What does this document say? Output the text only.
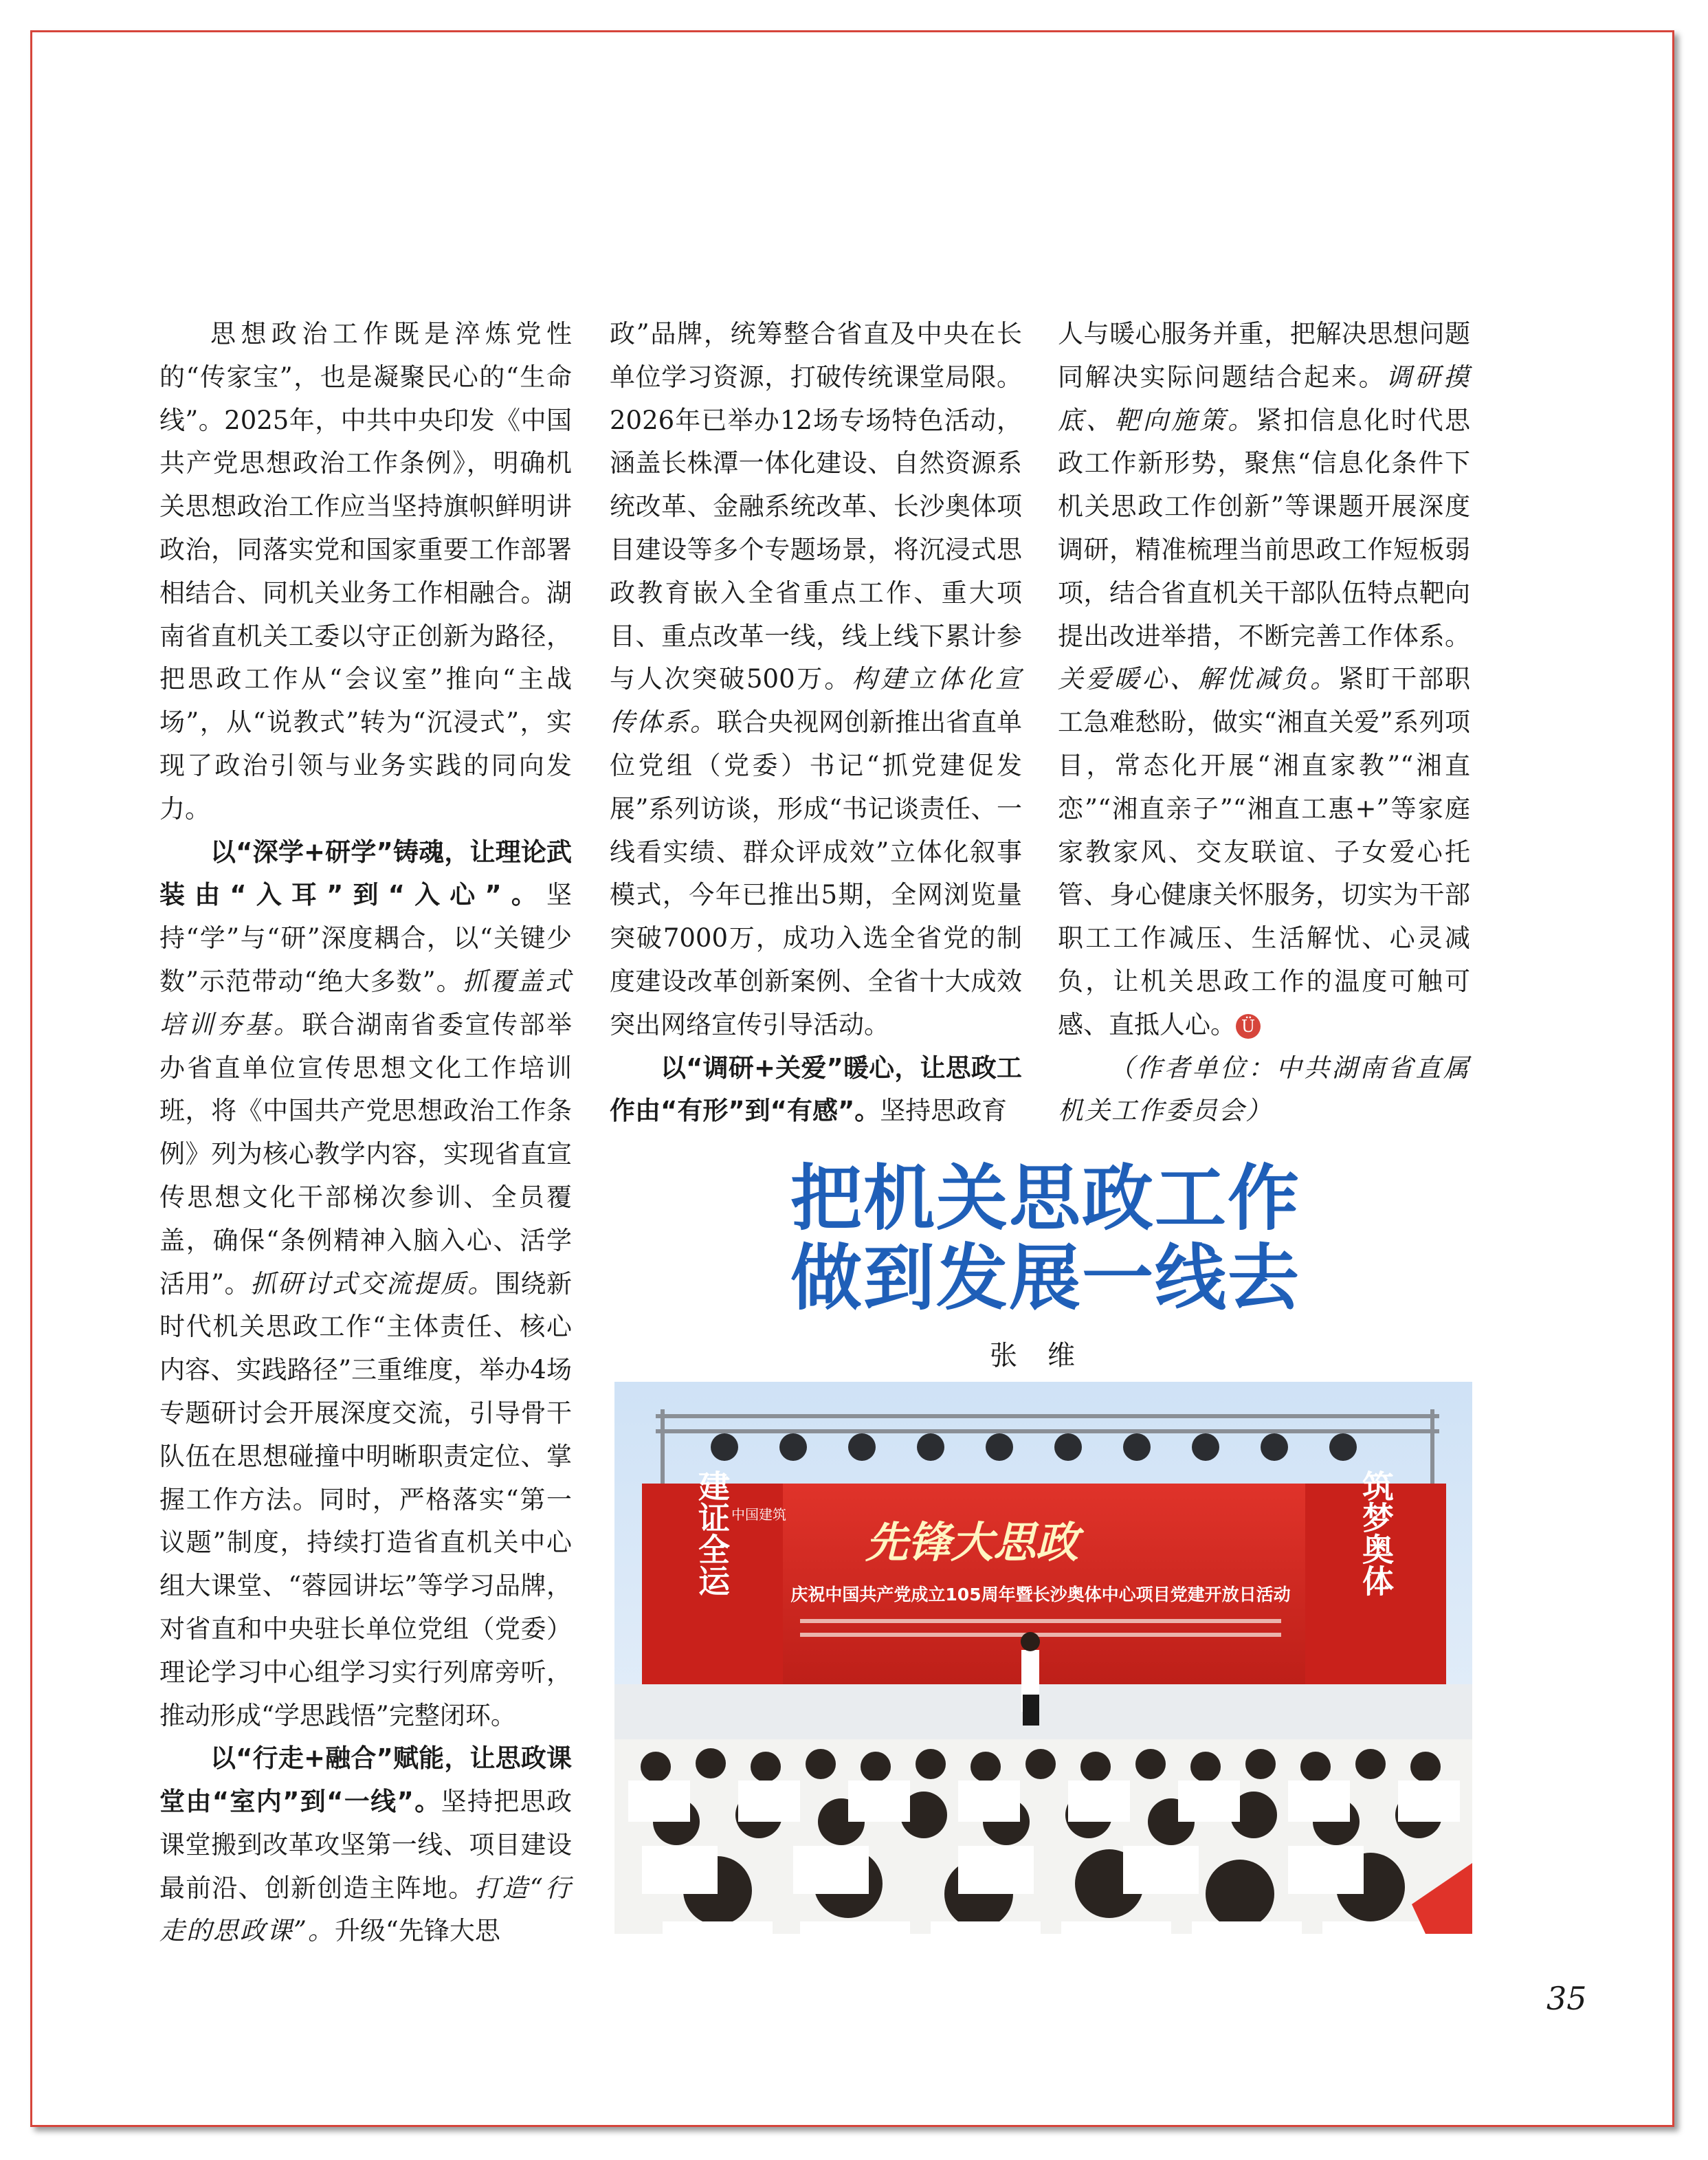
思想政治工作既是淬炼党性的“传家宝”，也是凝聚民心的“生命线”。2025年，中共中央印发《中国共产党思想政治工作条例》，明确机关思想政治工作应当坚持旗帜鲜明讲政治，同落实党和国家重要工作部署相结合、同机关业务工作相融合。湖南省直机关工委以守正创新为路径，把思政工作从“会议室”推向“主战场”，从“说教式”转为“沉浸式”，实现了政治引领与业务实践的同向发力。

以“深学+研学”铸魂，让理论武装由“入耳”到“入心”。坚持“学”与“研”深度耦合，以“关键少数”示范带动“绝大多数”。抓覆盖式培训夯基。联合湖南省委宣传部举办省直单位宣传思想文化工作培训班，将《中国共产党思想政治工作条例》列为核心教学内容，实现省直宣传思想文化干部梯次参训、全员覆盖，确保“条例精神入脑入心、活学活用”。抓研讨式交流提质。围绕新时代机关思政工作“主体责任、核心内容、实践路径”三重维度，举办4场专题研讨会开展深度交流，引导骨干队伍在思想碰撞中明晰职责定位、掌握工作方法。同时，严格落实“第一议题”制度，持续打造省直机关中心组大课堂、“蓉园讲坛”等学习品牌，对省直和中央驻长单位党组（党委）理论学习中心组学习实行列席旁听，推动形成“学思践悟”完整闭环。

以“行走+融合”赋能，让思政课堂由“室内”到“一线”。坚持把思政课堂搬到改革攻坚第一线、项目建设最前沿、创新创造主阵地。打造“行走的思政课”。升级“先锋大思

政”品牌，统筹整合省直及中央在长单位学习资源，打破传统课堂局限。2026年已举办12场专场特色活动，涵盖长株潭一体化建设、自然资源系统改革、金融系统改革、长沙奥体项目建设等多个专题场景，将沉浸式思政教育嵌入全省重点工作、重大项目、重点改革一线，线上线下累计参与人次突破500万。构建立体化宣传体系。联合央视网创新推出省直单位党组（党委）书记“抓党建促发展”系列访谈，形成“书记谈责任、一线看实绩、群众评成效”立体化叙事模式，今年已推出5期，全网浏览量突破7000万，成功入选全省党的制度建设改革创新案例、全省十大成效突出网络宣传引导活动。

以“调研+关爱”暖心，让思政工作由“有形”到“有感”。坚持思政育

人与暖心服务并重，把解决思想问题同解决实际问题结合起来。调研摸底、靶向施策。紧扣信息化时代思政工作新形势，聚焦“信息化条件下机关思政工作创新”等课题开展深度调研，精准梳理当前思政工作短板弱项，结合省直机关干部队伍特点靶向提出改进举措，不断完善工作体系。关爱暖心、解忧减负。紧盯干部职工急难愁盼，做实“湘直关爱”系列项目，常态化开展“湘直家教”“湘直恋”“湘直亲子”“湘直工惠+”等家庭家教家风、交友联谊、子女爱心托管、身心健康关怀服务，切实为干部职工工作减压、生活解忧、心灵减负，让机关思政工作的温度可触可感、直抵人心。 Ü

（作者单位：中共湖南省直属机关工作委员会）

把机关思政工作
做到发展一线去
张维
中国建筑
先锋大思政
庆祝中国共产党成立105周年暨长沙奥体中心项目党建开放日活动
建证全运	筑梦奥体
35
